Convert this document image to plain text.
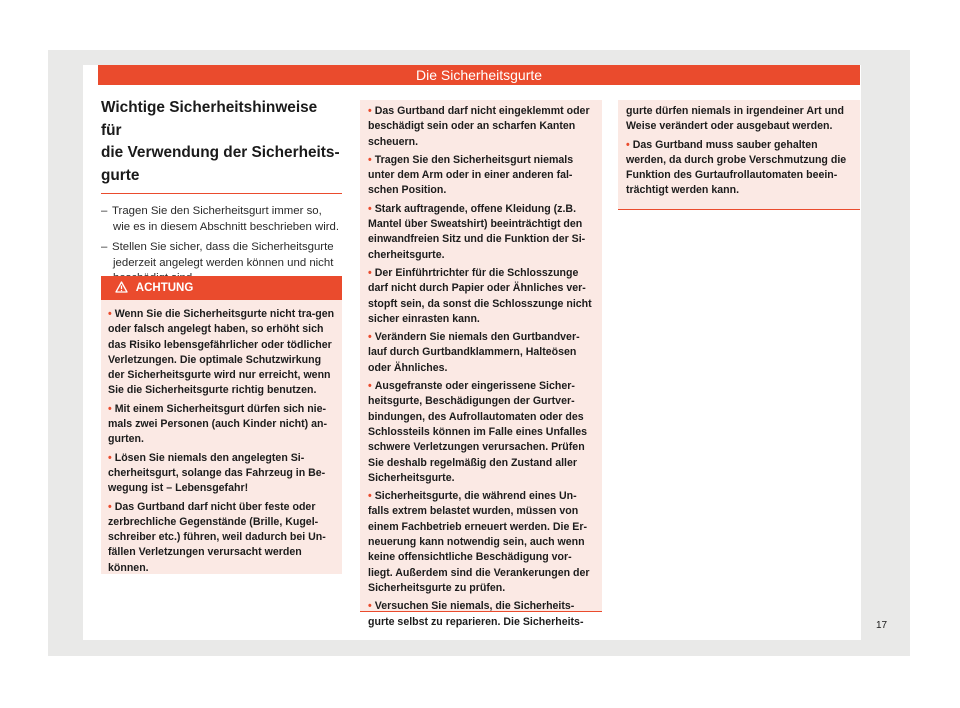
Die Sicherheitsgurte
Wichtige Sicherheitshinweise für
die Verwendung der Sicherheits-
gurte
– Tragen Sie den Sicherheitsgurt immer so, wie es in diesem Abschnitt beschrieben wird.
– Stellen Sie sicher, dass die Sicherheitsgurte jederzeit angelegt werden können und nicht
ACHTUNG

• Wenn Sie die Sicherheitsgurte nicht tra-gen oder falsch angelegt haben, so erhöht sich das Risiko lebensgefährlicher oder tödlicher Verletzungen. Die optimale Schutzwirkung der Sicherheitsgurte wird nur erreicht, wenn Sie die Sicherheitsgurte richtig benutzen.

• Mit einem Sicherheitsgurt dürfen sich nie-mals zwei Personen (auch Kinder nicht) an-gurten.

• Lösen Sie niemals den angelegten Si-cherheitsgurt, solange das Fahrzeug in Be-wegung ist – Lebensgefahr!

• Das Gurtband darf nicht über feste oder zerbrechliche Gegenstände (Brille, Kugel-schreiber etc.) führen, weil dadurch bei Un-fällen Verletzungen verursacht werden können.

• Das Gurtband darf nicht eingeklemmt oder beschädigt sein oder an scharfen Kanten scheuern.

• Tragen Sie den Sicherheitsgurt niemals unter dem Arm oder in einer anderen fal-schen Position.

• Stark auftragende, offene Kleidung (z.B. Mantel über Sweatshirt) beeinträchtigt den einwandfreien Sitz und die Funktion der Si-cherheitsgurte.

• Der Einführtrichter für die Schlosszunge darf nicht durch Papier oder Ähnliches ver-stopft sein, da sonst die Schlosszunge nicht sicher einrasten kann.

• Verändern Sie niemals den Gurtbandver-lauf durch Gurtbandklammern, Halteösen oder Ähnliches.

• Ausgefranste oder eingerissene Sicher-heitsgurte, Beschädigungen der Gurtver-bindungen, des Aufrollautomaten oder des Schlossteils können im Falle eines Unfalles schwere Verletzungen verursachen. Prüfen Sie deshalb regelmäßig den Zustand aller Sicherheitsgurte.

• Sicherheitsgurte, die während eines Un-falls extrem belastet wurden, müssen von einem Fachbetrieb erneuert werden. Die Er-neuerung kann notwendig sein, auch wenn keine offensichtliche Beschädigung vor-liegt. Außerdem sind die Verankerungen der Sicherheitsgurte zu prüfen.

• Versuchen Sie niemals, die Sicherheits-gurte selbst zu reparieren. Die Sicherheits-

gurte dürfen niemals in irgendeiner Art und Weise verändert oder ausgebaut werden.

• Das Gurtband muss sauber gehalten werden, da durch grobe Verschmutzung die Funktion des Gurtaufrollautomaten beein-trächtigt werden kann.

17
